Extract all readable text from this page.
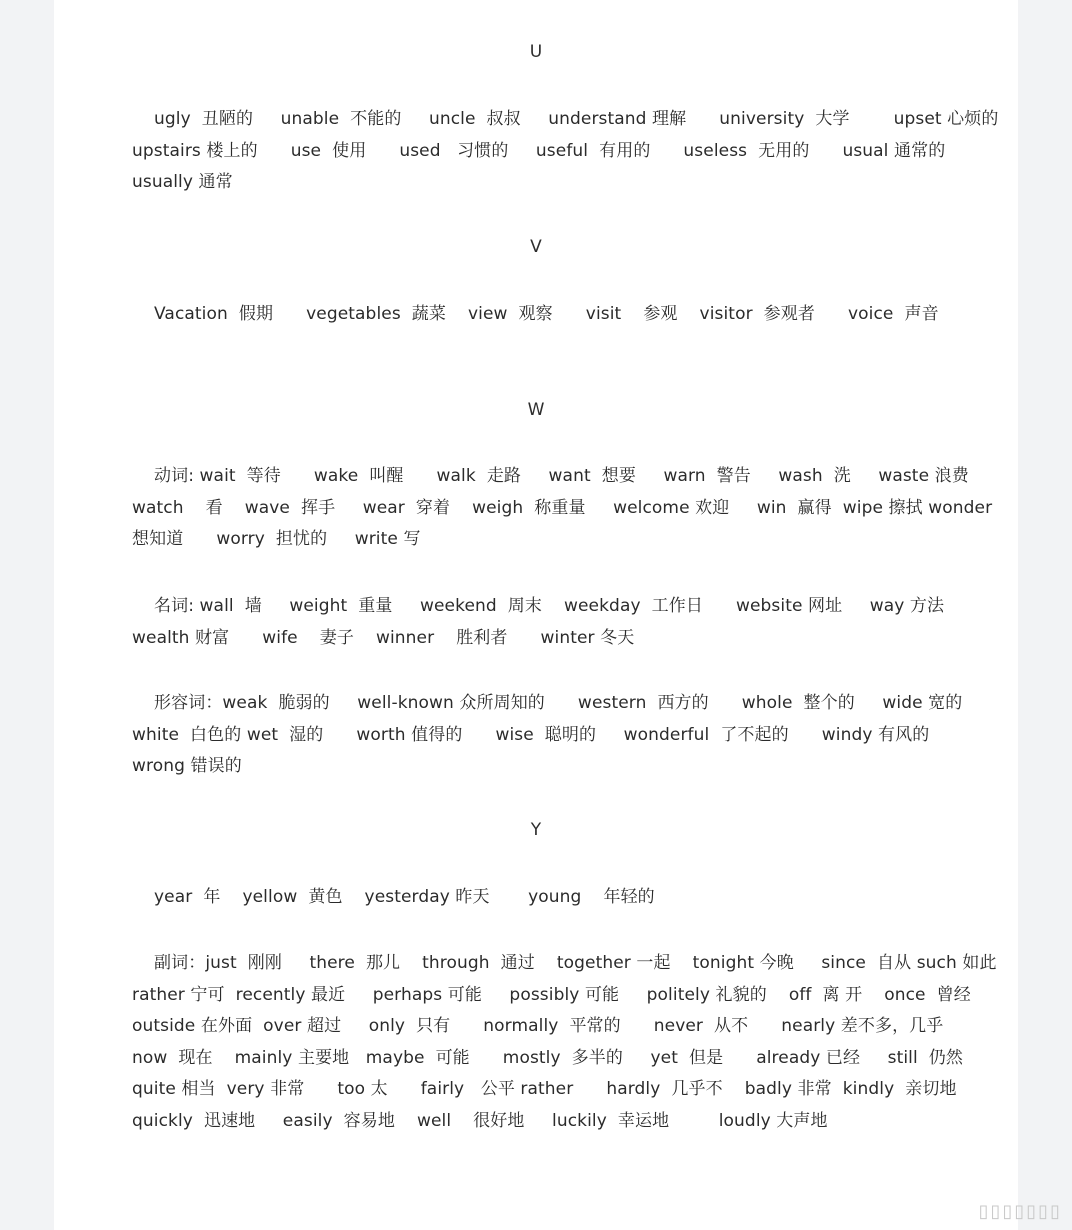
U
ugly  丑陋的     unable  不能的     uncle  叔叔     understand 理解      university  大学        upset 心烦的  upstairs 楼上的      use  使用      used   习惯的     useful  有用的      useless  无用的      usual 通常的      usually 通常
V
Vacation  假期      vegetables  蔬菜    view  观察      visit    参观    visitor  参观者      voice  声音
W
动词: wait  等待      wake  叫醒      walk  走路     want  想要     warn  警告     wash  洗     waste 浪费  watch    看    wave  挥手     wear  穿着    weigh  称重量     welcome 欢迎     win  赢得  wipe 擦拭 wonder 想知道      worry  担忧的     write 写
名词: wall  墙     weight  重量     weekend  周末    weekday  工作日      website 网址     way 方法  wealth 财富      wife    妻子    winner    胜利者      winter 冬天
形容词：weak  脆弱的     well-known 众所周知的      western  西方的      whole  整个的     wide 宽的 white  白色的 wet  湿的      worth 值得的      wise  聪明的     wonderful  了不起的      windy 有风的     wrong 错误的
Y
year  年    yellow  黄色    yesterday 昨天       young    年轻的
副词：just  刚刚     there  那儿    through  通过    together 一起    tonight 今晚     since  自从 such 如此  rather 宁可  recently 最近     perhaps 可能     possibly 可能     politely 礼貌的    off  离 开    once  曾经    outside 在外面  over 超过     only  只有      normally  平常的      never  从不      nearly 差不多，几乎     now  现在    mainly 主要地   maybe  可能      mostly  多半的     yet  但是      already 已经     still  仍然       quite 相当  very 非常      too 太      fairly   公平 rather      hardly  几乎不    badly 非常  kindly  亲切地   quickly  迅速地     easily  容易地    well    很好地     luckily  幸运地         loudly 大声地
▯▯▯▯▯▯▯
